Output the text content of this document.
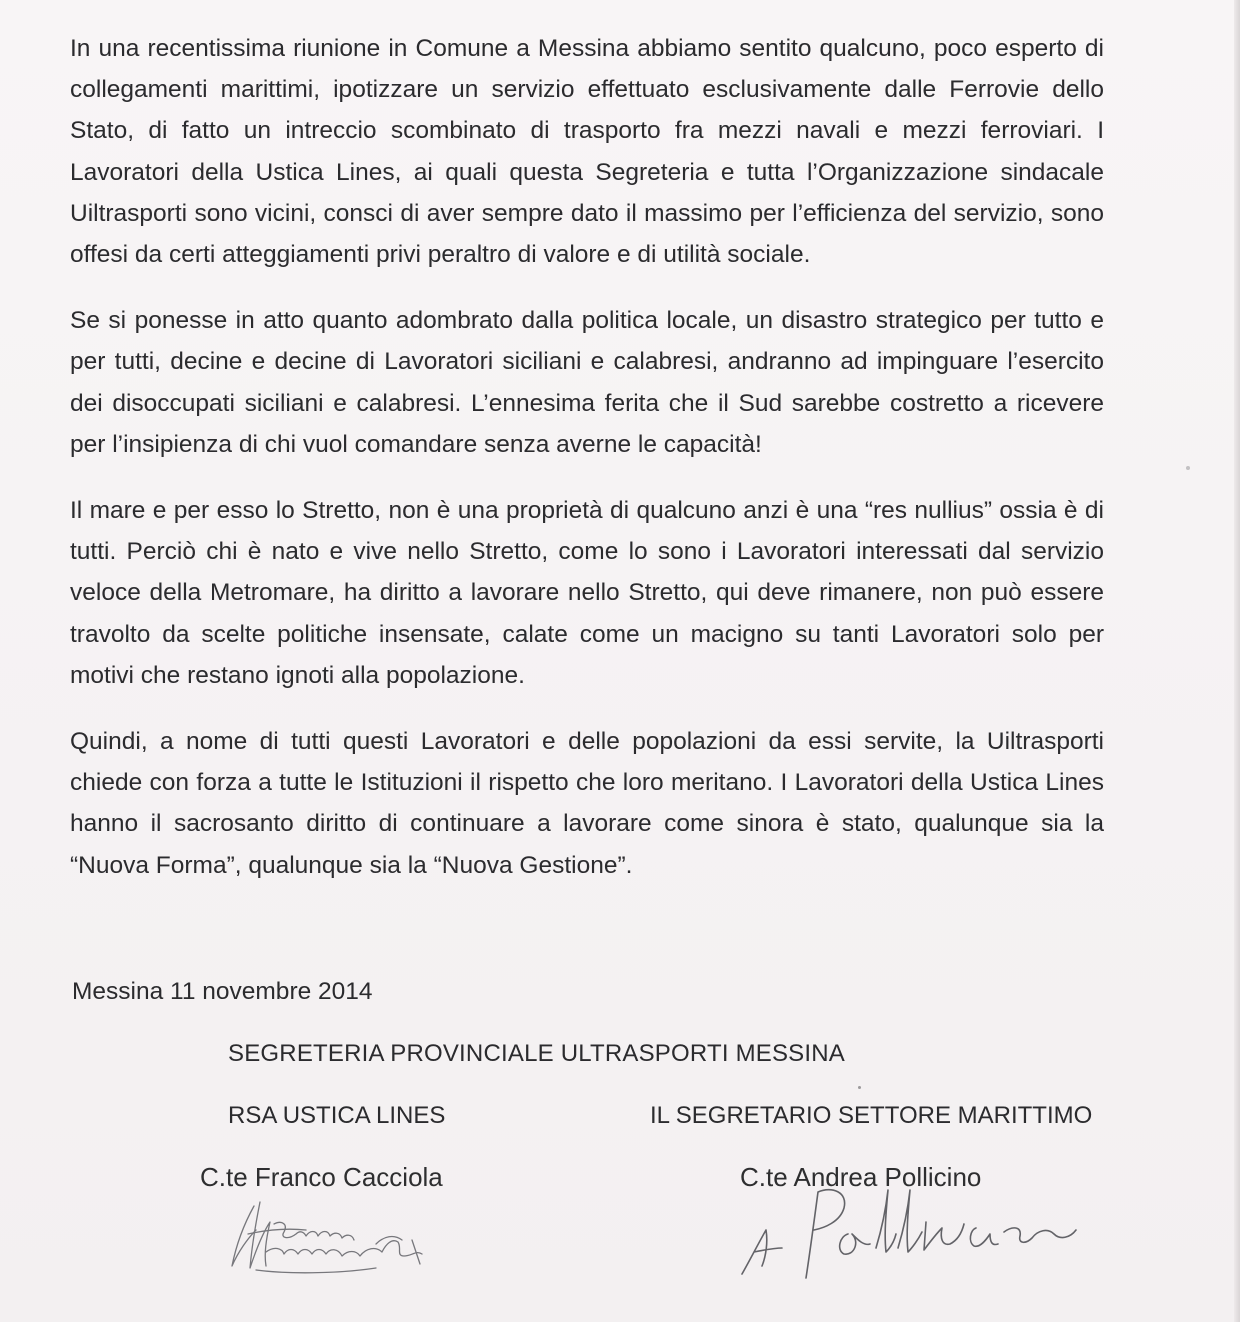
In una recentissima riunione in Comune a Messina abbiamo sentito qualcuno, poco esperto di collegamenti marittimi, ipotizzare un servizio effettuato esclusivamente dalle Ferrovie dello Stato, di fatto un intreccio scombinato di trasporto fra mezzi navali e mezzi ferroviari. I Lavoratori della Ustica Lines, ai quali questa Segreteria e tutta l’Organizzazione sindacale Uiltrasporti sono vicini, consci di aver sempre dato il massimo per l’efficienza del servizio, sono offesi da certi atteggiamenti privi peraltro di valore e di utilità sociale.

Se si ponesse in atto quanto adombrato dalla politica locale, un disastro strategico per tutto e per tutti, decine e decine di Lavoratori siciliani e calabresi, andranno ad impinguare l’esercito dei disoccupati siciliani e calabresi. L’ennesima ferita che il Sud sarebbe costretto a ricevere per l’insipienza di chi vuol comandare senza averne le capacità!

Il mare e per esso lo Stretto, non è una proprietà di qualcuno anzi è una “res nullius” ossia è di tutti. Perciò chi è nato e vive nello Stretto, come lo sono i Lavoratori interessati dal servizio veloce della Metromare, ha diritto a lavorare nello Stretto, qui deve rimanere, non può essere travolto da scelte politiche insensate, calate come un macigno su tanti Lavoratori solo per motivi che restano ignoti alla popolazione.

Quindi, a nome di tutti questi Lavoratori e delle popolazioni da essi servite, la Uiltrasporti chiede con forza a tutte le Istituzioni il rispetto che loro meritano. I Lavoratori della Ustica Lines hanno il sacrosanto diritto di continuare a lavorare come sinora è stato, qualunque sia la “Nuova Forma”, qualunque sia la “Nuova Gestione”.

Messina 11 novembre 2014
SEGRETERIA PROVINCIALE ULTRASPORTI MESSINA
RSA USTICA LINES	IL SEGRETARIO SETTORE MARITTIMO
C.te Franco Cacciola	C.te Andrea Pollicino
